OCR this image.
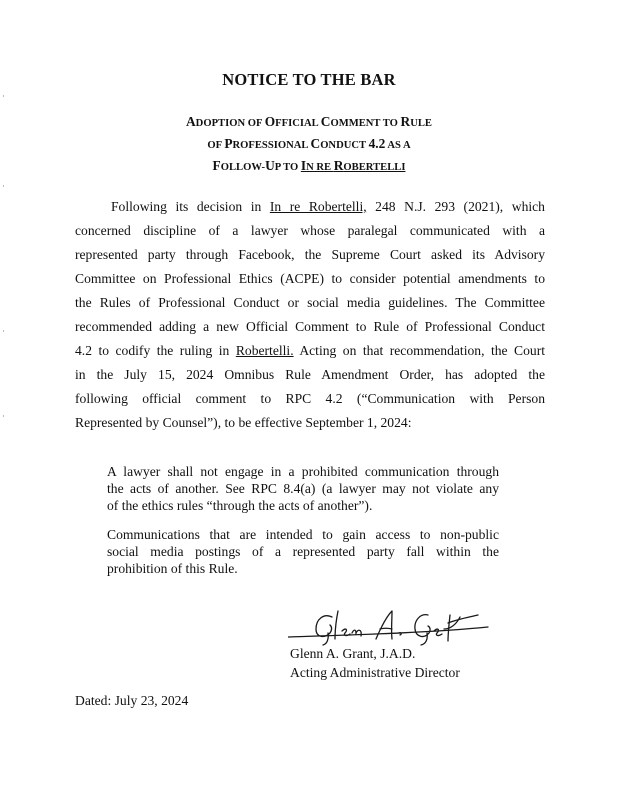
NOTICE TO THE BAR
ADOPTION OF OFFICIAL COMMENT TO RULE
OF PROFESSIONAL CONDUCT 4.2 AS A
FOLLOW-UP TO IN RE ROBERTELLI
Following its decision in In re Robertelli, 248 N.J. 293 (2021), which
concerned discipline of a lawyer whose paralegal communicated with a
represented party through Facebook, the Supreme Court asked its Advisory
Committee on Professional Ethics (ACPE) to consider potential amendments to
the Rules of Professional Conduct or social media guidelines. The Committee
recommended adding a new Official Comment to Rule of Professional Conduct
4.2 to codify the ruling in Robertelli. Acting on that recommendation, the Court
in the July 15, 2024 Omnibus Rule Amendment Order, has adopted the
following official comment to RPC 4.2 (“Communication with Person
Represented by Counsel”), to be effective September 1, 2024:
A lawyer shall not engage in a prohibited communication through
the acts of another. See RPC 8.4(a) (a lawyer may not violate any
of the ethics rules “through the acts of another”).
Communications that are intended to gain access to non-public
social media postings of a represented party fall within the
prohibition of this Rule.
Glenn A. Grant, J.A.D.
Acting Administrative Director
Dated: July 23, 2024
